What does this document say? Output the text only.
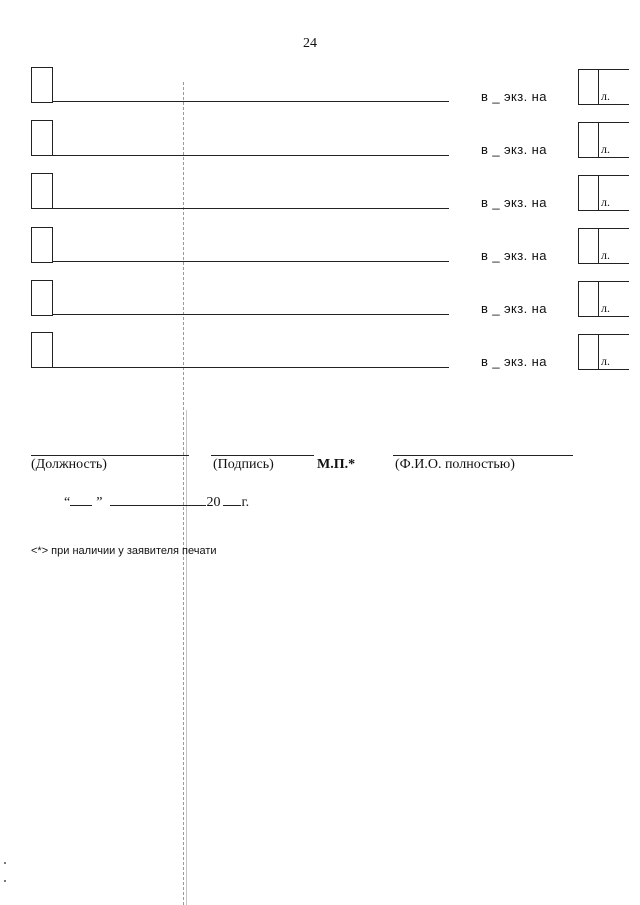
24
в _ экз. на	л.
в _ экз. на	л.
в _ экз. на	л.
в _ экз. на	л.
в _ экз. на	л.
в _ экз. на	л.
(Должность)	(Подпись)	М.П.*	(Ф.И.О. полностью)
“ ”	20 г.
<*> при наличии у заявителя печати
